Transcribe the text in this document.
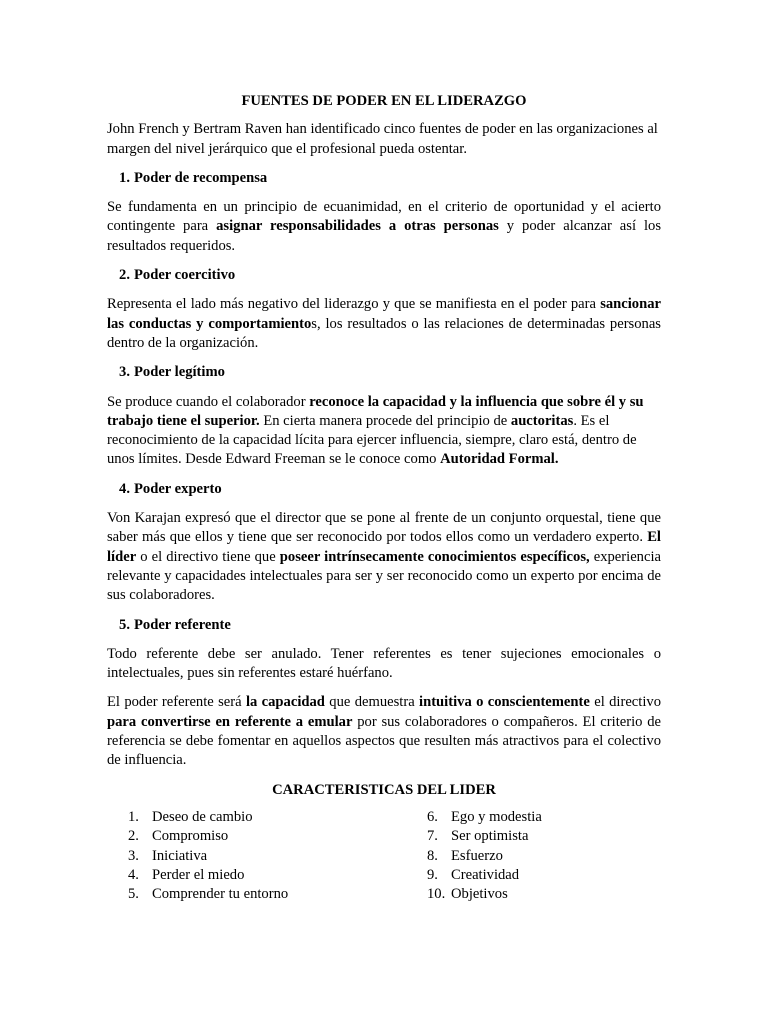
FUENTES DE PODER EN EL LIDERAZGO

John French y Bertram Raven han identificado cinco fuentes de poder en las organizaciones al margen del nivel jerárquico que el profesional pueda ostentar.

1. Poder de recompensa

Se fundamenta en un principio de ecuanimidad, en el criterio de oportunidad y el acierto contingente para asignar responsabilidades a otras personas y poder alcanzar así los resultados requeridos.

2. Poder coercitivo

Representa el lado más negativo del liderazgo y que se manifiesta en el poder para sancionar las conductas y comportamientos, los resultados o las relaciones de determinadas personas dentro de la organización.

3. Poder legítimo

Se produce cuando el colaborador reconoce la capacidad y la influencia que sobre él y su trabajo tiene el superior. En cierta manera procede del principio de auctoritas. Es el reconocimiento de la capacidad lícita para ejercer influencia, siempre, claro está, dentro de unos límites. Desde Edward Freeman se le conoce como Autoridad Formal.

4. Poder experto

Von Karajan expresó que el director que se pone al frente de un conjunto orquestal, tiene que saber más que ellos y tiene que ser reconocido por todos ellos como un verdadero experto. El líder o el directivo tiene que poseer intrínsecamente conocimientos específicos, experiencia relevante y capacidades intelectuales para ser y ser reconocido como un experto por encima de sus colaboradores.

5. Poder referente

Todo referente debe ser anulado. Tener referentes es tener sujeciones emocionales o intelectuales, pues sin referentes estaré huérfano.

El poder referente será la capacidad que demuestra intuitiva o conscientemente el directivo para convertirse en referente a emular por sus colaboradores o compañeros. El criterio de referencia se debe fomentar en aquellos aspectos que resulten más atractivos para el colectivo de influencia.

CARACTERISTICAS DEL LIDER
1. Deseo de cambio
2. Compromiso
3. Iniciativa
4. Perder el miedo
5. Comprender tu entorno
6. Ego y modestia
7. Ser optimista
8. Esfuerzo
9. Creatividad
10. Objetivos
